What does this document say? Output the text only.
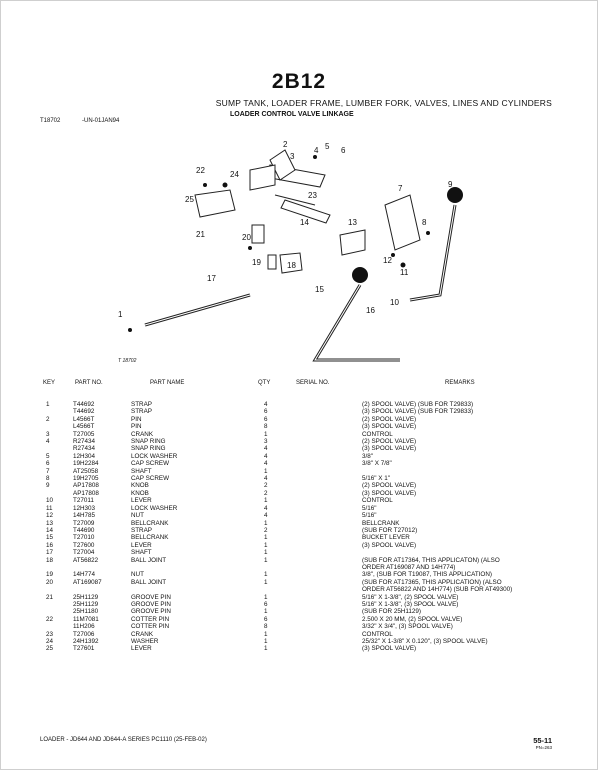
2B12
SUMP TANK, LOADER FRAME, LUMBER FORK, VALVES, LINES AND CYLINDERS
T18702	-UN-01JAN94
LOADER CONTROL VALVE LINKAGE
2
3
4 5 6
7
8
9
10
11
12
13
14
15
16
17
18
19
20
21
22
23
24
25
1
T 18702
KEY	PART NO.	PART NAME	QTY	SERIAL NO.	REMARKS
1	T44692	STRAP	4		(2) SPOOL VALVE) (SUB FOR T29833)
	T44692	STRAP	6		(3) SPOOL VALVE) (SUB FOR T29833)
2	L4566T	PIN	6		(2) SPOOL VALVE)
	L4566T	PIN	8		(3) SPOOL VALVE)
3	T27005	CRANK	1		CONTROL
4	R27434	SNAP RING	3		(2) SPOOL VALVE)
	R27434	SNAP RING	4		(3) SPOOL VALVE)
5	12H304	LOCK WASHER	4		3/8"
6	19H2284	CAP SCREW	4		3/8" X 7/8"
7	AT25058	SHAFT	1		
8	19H2705	CAP SCREW	4		5/16" X 1"
9	AP17808	KNOB	2		(2) SPOOL VALVE)
	AP17808	KNOB	2		(3) SPOOL VALVE)
10	T27011	LEVER	1		CONTROL
11	12H303	LOCK WASHER	4		5/16"
12	14H785	NUT	4		5/16"
13	T27009	BELLCRANK	1		BELLCRANK
14	T44690	STRAP	2		(SUB FOR T27012)
15	T27010	BELLCRANK	1		BUCKET LEVER
16	T27600	LEVER	1		(3) SPOOL VALVE)
17	T27004	SHAFT	1		
18	AT56822	BALL JOINT	1		(SUB FOR AT17364, THIS APPLICATON) (ALSO
					ORDER AT169087 AND 14H774)
19	14H774	NUT	1		3/8", (SUB FOR T19087, THIS APPLICATION)
20	AT169087	BALL JOINT	1		(SUB FOR AT17365, THIS APPLICATION) (ALSO
					ORDER AT56822 AND 14H774) (SUB FOR AT49300)
21	25H1129	GROOVE PIN	1		5/16" X 1-3/8", (2) SPOOL VALVE)
	25H1129	GROOVE PIN	6		5/16" X 1-3/8", (3) SPOOL VALVE)
	25H1180	GROOVE PIN	1		(SUB FOR 25H1129)
22	11M7081	COTTER PIN	6		2.500 X 20 MM, (2) SPOOL VALVE)
	11H206	COTTER PIN	8		3/32" X 3/4", (3) SPOOL VALVE)
23	T27006	CRANK	1		CONTROL
24	24H1392	WASHER	1		25/32" X 1-3/8" X 0.120", (3) SPOOL VALVE)
25	T27601	LEVER	1		(3) SPOOL VALVE)
LOADER - JD644 AND JD644-A SERIES PC1110 (25-FEB-02)	55-11
PN=263
